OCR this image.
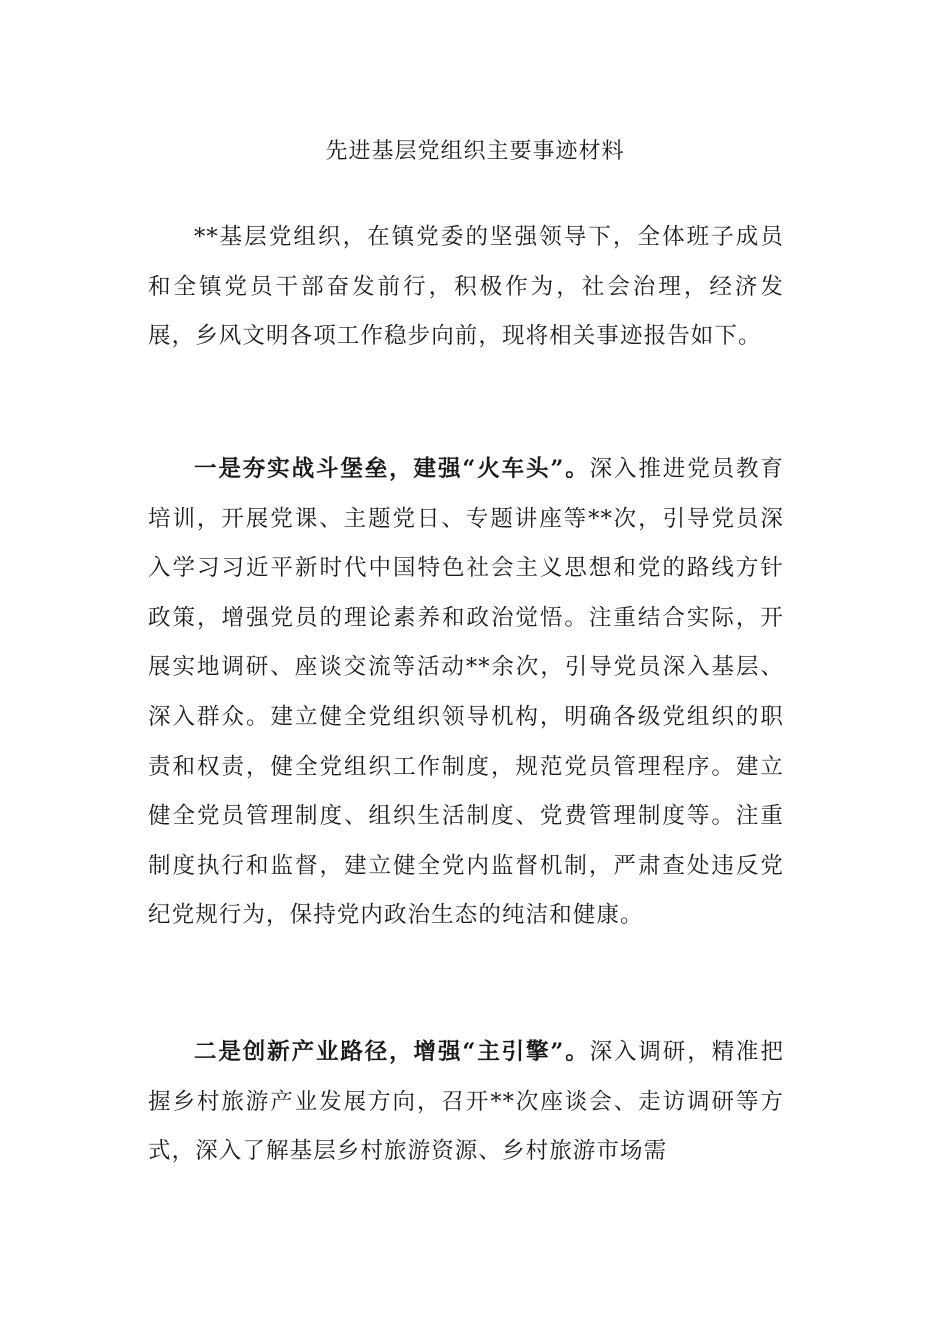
先进基层党组织主要事迹材料

**基层党组织，在镇党委的坚强领导下，全体班子成员和全镇党员干部奋发前行，积极作为，社会治理，经济发展，乡风文明各项工作稳步向前，现将相关事迹报告如下。

一是夯实战斗堡垒，建强“火车头”。深入推进党员教育培训，开展党课、主题党日、专题讲座等**次，引导党员深入学习习近平新时代中国特色社会主义思想和党的路线方针政策，增强党员的理论素养和政治觉悟。注重结合实际，开展实地调研、座谈交流等活动**余次，引导党员深入基层、深入群众。建立健全党组织领导机构，明确各级党组织的职责和权责，健全党组织工作制度，规范党员管理程序。建立健全党员管理制度、组织生活制度、党费管理制度等。注重制度执行和监督，建立健全党内监督机制，严肃查处违反党纪党规行为，保持党内政治生态的纯洁和健康。

二是创新产业路径，增强“主引擎”。深入调研，精准把握乡村旅游产业发展方向，召开**次座谈会、走访调研等方式，深入了解基层乡村旅游资源、乡村旅游市场需
